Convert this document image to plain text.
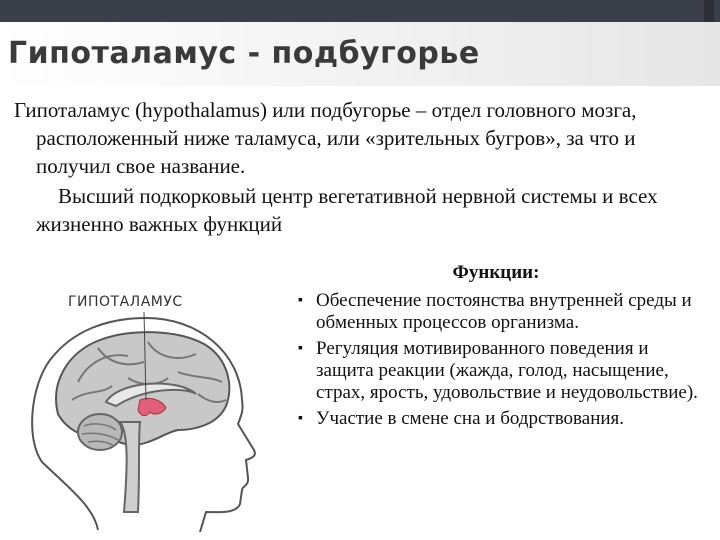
Гипоталамус - подбугорье

Гипоталамус (hypothalamus) или подбугорье – отдел головного мозга, расположенный ниже таламуса, или «зрительных бугров», за что и получил свое название.

Высший подкорковый центр вегетативной нервной системы и всех жизненно важных функций

ГИПОТАЛАМУС
Функции:
▪ Обеспечение постоянства внутренней среды и обменных процессов организма.
▪ Регуляция мотивированного поведения и защита реакции (жажда, голод, насыщение, страх, ярость, удовольствие и неудовольствие).
▪ Участие в смене сна и бодрствования.
